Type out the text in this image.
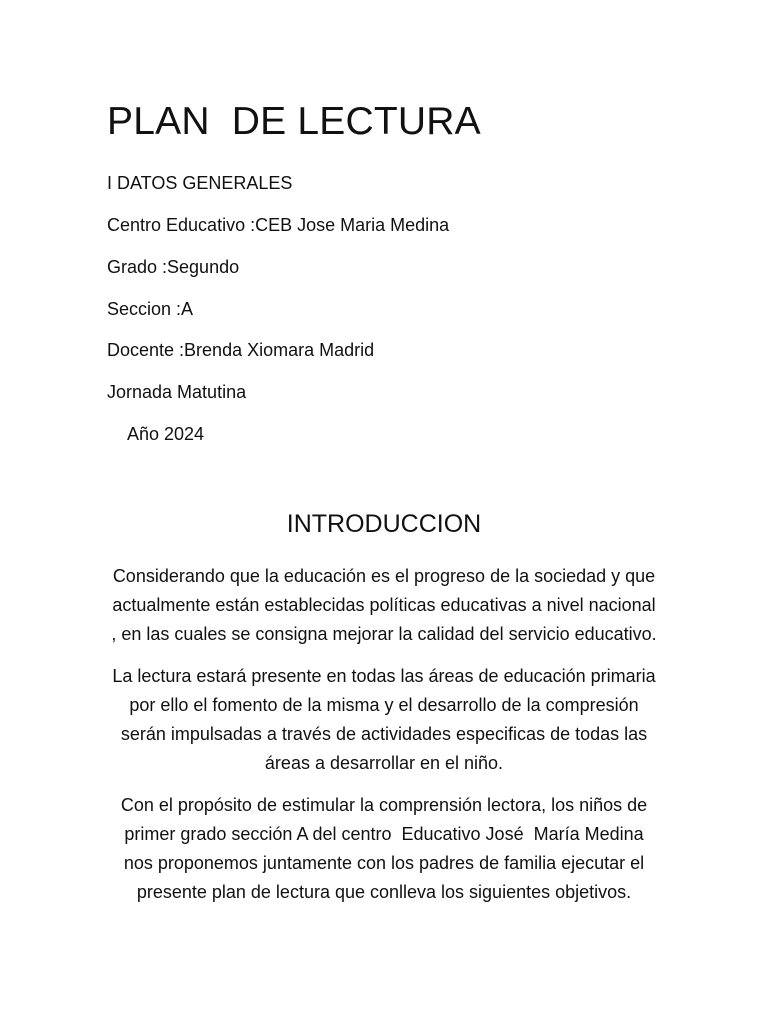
PLAN  DE LECTURA

I DATOS GENERALES

Centro Educativo :CEB Jose Maria Medina

Grado :Segundo

Seccion :A

Docente :Brenda Xiomara Madrid

Jornada Matutina

Año 2024

INTRODUCCION
Considerando que la educación es el progreso de la sociedad y que
actualmente están establecidas políticas educativas a nivel nacional
, en las cuales se consigna mejorar la calidad del servicio educativo.
La lectura estará presente en todas las áreas de educación primaria
por ello el fomento de la misma y el desarrollo de la compresión
serán impulsadas a través de actividades especificas de todas las
áreas a desarrollar en el niño.
Con el propósito de estimular la comprensión lectora, los niños de
primer grado sección A del centro  Educativo José  María Medina
nos proponemos juntamente con los padres de familia ejecutar el
presente plan de lectura que conlleva los siguientes objetivos.
